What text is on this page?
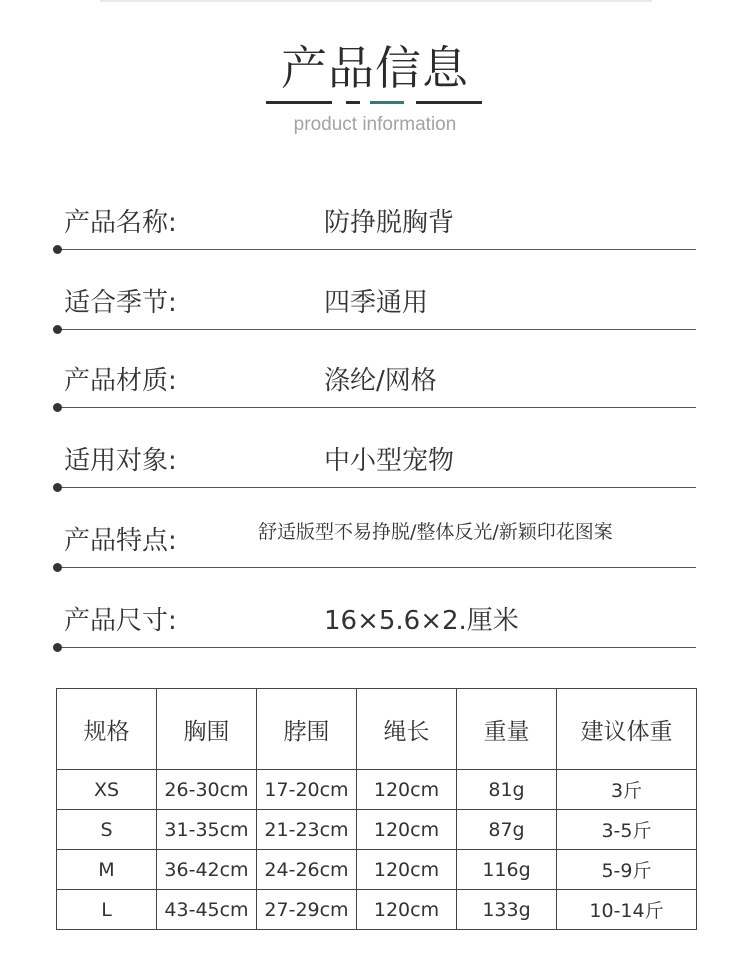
产品信息
product information
产品名称:	防挣脱胸背
适合季节:	四季通用
产品材质:	涤纶/网格
适用对象:	中小型宠物
产品特点:	舒适版型不易挣脱/整体反光/新颖印花图案
产品尺寸:	16×5.6×2.厘米
规格	胸围	脖围	绳长	重量	建议体重
XS	26-30cm	17-20cm	120cm	81g	3斤
S	31-35cm	21-23cm	120cm	87g	3-5斤
M	36-42cm	24-26cm	120cm	116g	5-9斤
L	43-45cm	27-29cm	120cm	133g	10-14斤
